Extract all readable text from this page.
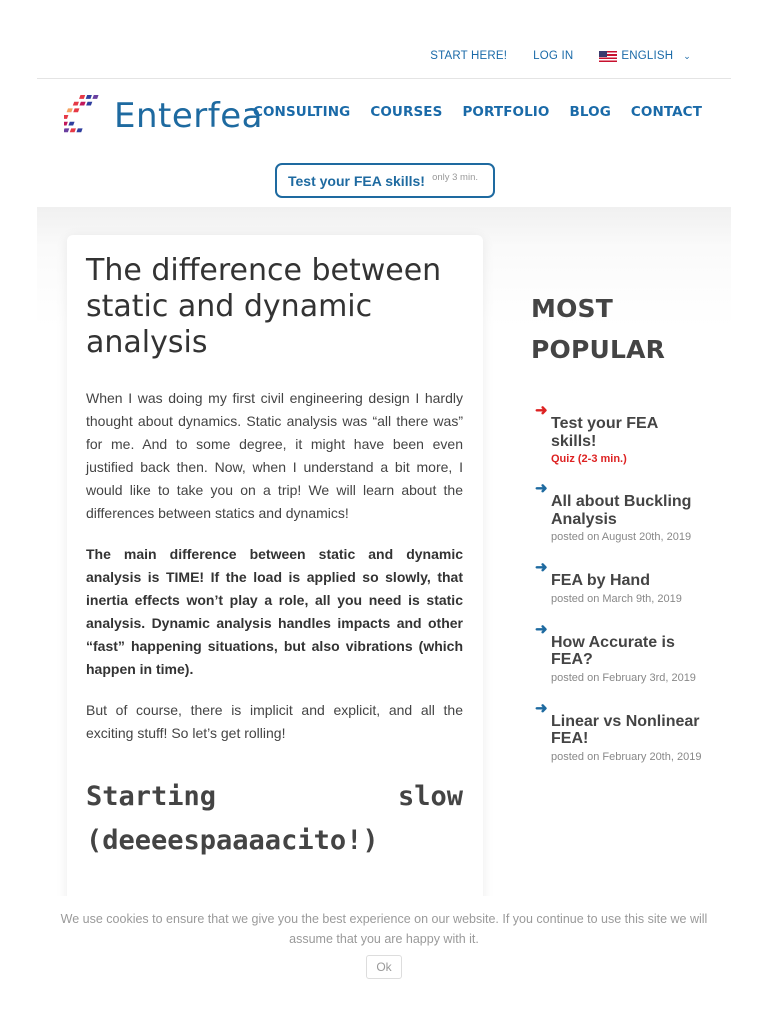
START HERE! LOG IN	ENGLISH ⌄
Enterfea
CONSULTING COURSES PORTFOLIO BLOG CONTACT
Test your FEA skills! only 3 min.
The difference between static and dynamic analysis

When I was doing my first civil engineering design I hardly thought about dynamics. Static analysis was “all there was” for me. And to some degree, it might have been even justified back then. Now, when I understand a bit more, I would like to take you on a trip! We will learn about the differences between statics and dynamics!

The main difference between static and dynamic analysis is TIME! If the load is applied so slowly, that inertia effects won’t play a role, all you need is static analysis. Dynamic analysis handles impacts and other “fast” happening situations, but also vibrations (which happen in time).

But of course, there is implicit and explicit, and all the exciting stuff! So let’s get rolling!

Starting slow
(deeeespaaaacito!)
MOST POPULAR
➜
Test your FEA skills!
Quiz (2-3 min.)
➜
All about Buckling Analysis
posted on August 20th, 2019
➜
FEA by Hand
posted on March 9th, 2019
➜
How Accurate is FEA?
posted on February 3rd, 2019
➜
Linear vs Nonlinear FEA!
posted on February 20th, 2019

We use cookies to ensure that we give you the best experience on our website. If you continue to use this site we will assume that you are happy with it.

Ok
